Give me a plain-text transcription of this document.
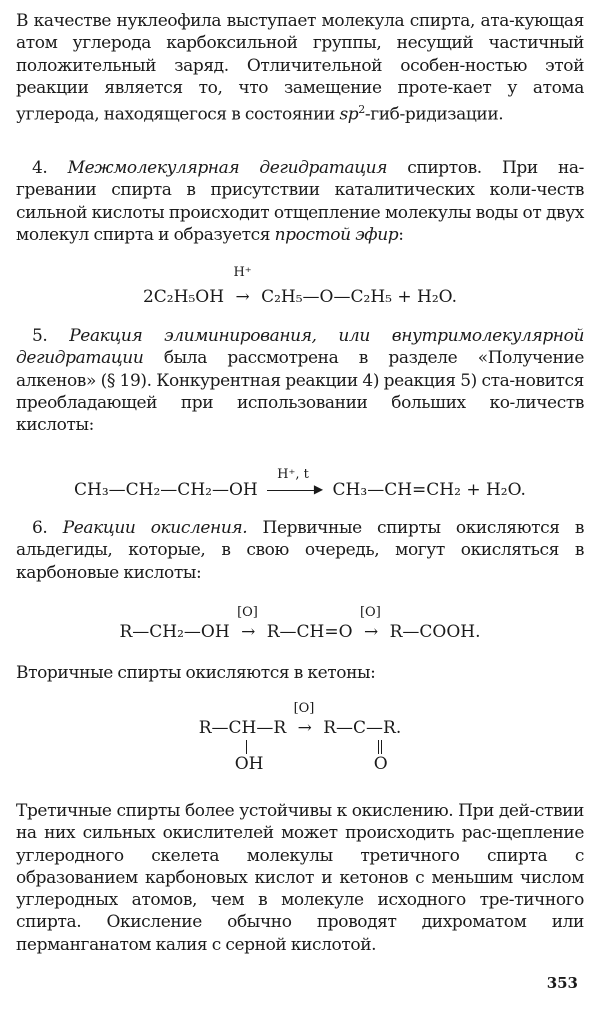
В качестве нуклеофила выступает молекула спирта, ата-кующая атом углерода карбоксильной группы, несущий частичный положительный заряд. Отличительной особен-ностью этой реакции является то, что замещение проте-кает у атома углерода, находящегося в состоянии $sp^2-гиб$-ридизации.

4. Межмолекулярная дегидратация спиртов. При на-гревании спирта в присутствии каталитических коли-честв сильной кислоты происходит отщепление молекулы воды от двух молекул спирта и образуется простой эфир:

2C₂H₅OH
H⁺
→ C₂H₅—O—C₂H₅ + H₂O.

5. Реакция элиминирования, или внутримолекулярной дегидратации была рассмотрена в разделе «Получение алкенов» (§ 19). Конкурентная реакции 4) реакция 5) ста-новится преобладающей при использовании больших ко-личеств кислоты:

CH₃—CH₂—CH₂—OH
H⁺, t
▶ CH₃—CH=CH₂ + H₂O.

6. Реакции окисления. Первичные спирты окисляются в альдегиды, которые, в свою очередь, могут окисляться в карбоновые кислоты:

R—CH₂—OH
[O]
→ R—CH=O
[O]
→ R—COOH.

Вторичные спирты окисляются в кетоны:

R—CH—R
[O]
→ R—C—R.
OH	O

Третичные спирты более устойчивы к окислению. При дей-ствии на них сильных окислителей может происходить рас-щепление углеродного скелета молекулы третичного спирта с образованием карбоновых кислот и кетонов с меньшим числом углеродных атомов, чем в молекуле исходного тре-тичного спирта. Окисление обычно проводят дихроматом или перманганатом калия с серной кислотой.

353
